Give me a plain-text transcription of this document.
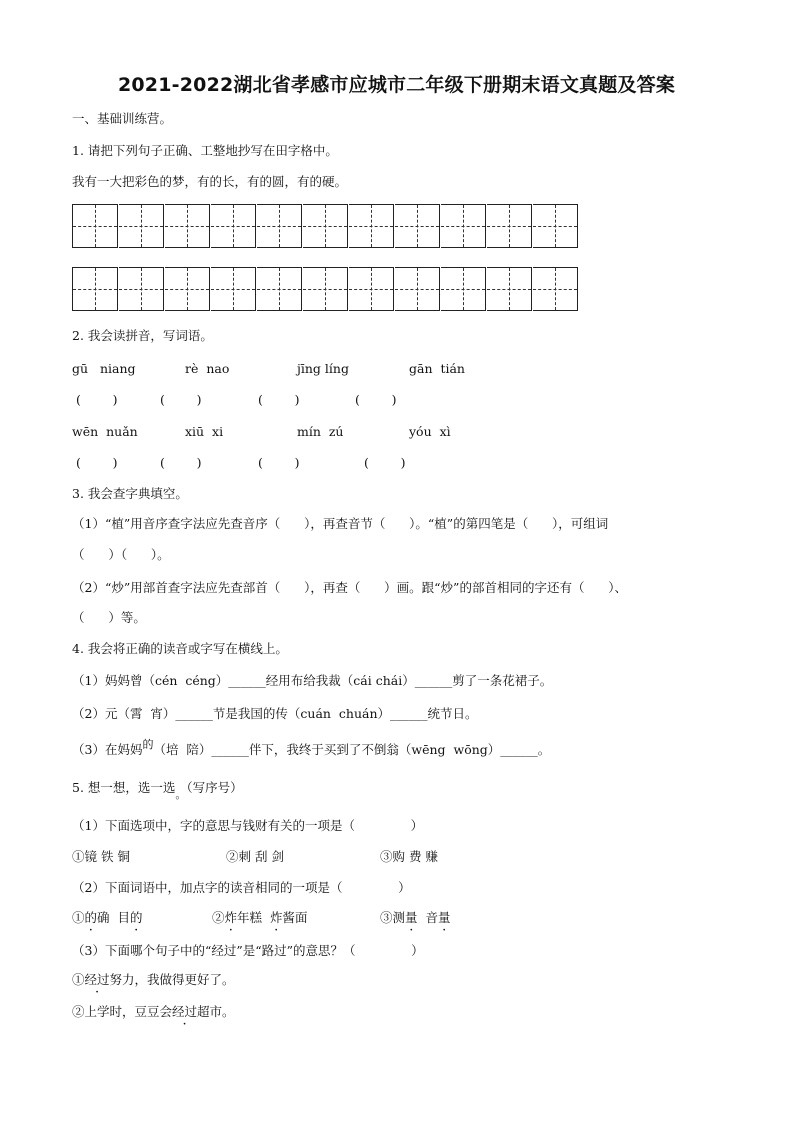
2021-2022湖北省孝感市应城市二年级下册期末语文真题及答案
一、基础训练营。
1. 请把下列句子正确、工整地抄写在田字格中。
我有一大把彩色的梦，有的长，有的圆，有的硬。
2. 我会读拼音，写词语。
gū   niang	rè  nao	jīng líng	gān  tián
(        )	(        )	(        )	(        )
wēn  nuǎn	xiū  xi	mín  zú	yóu  xì
(        )	(        )	(        )	(        )
3. 我会查字典填空。
（1）“植”用音序查字法应先查音序（      ），再查音节（      ）。“植”的第四笔是（      ），可组词
（      ）（      ）。
（2）“炒”用部首查字法应先查部首（      ），再查（      ）画。跟“炒”的部首相同的字还有（      ）、
（      ）等。
4. 我会将正确的读音或字写在横线上。
（1）妈妈曾（cén  céng）______经用布给我裁（cái chái）______剪了一条花裙子。
（2）元（霄  宵）______节是我国的传（cuán  chuán）______统节日。
（3）在妈妈的（培  陪）______伴下，我终于买到了不倒翁（wēng  wōng）______。
5. 想一想，选一选。（写序号）
（1）下面选项中，字的意思与钱财有关的一项是（              ）
①镜 铁 铜	②刺 刮 剑	③购 费 赚
（2）下面词语中，加点字的读音相同的一项是（              ）
①的确  目的	②炸年糕  炸酱面	③测量  音量
（3）下面哪个句子中的“经过”是“路过”的意思？（              ）
①经过努力，我做得更好了。
②上学时，豆豆会经过超市。
